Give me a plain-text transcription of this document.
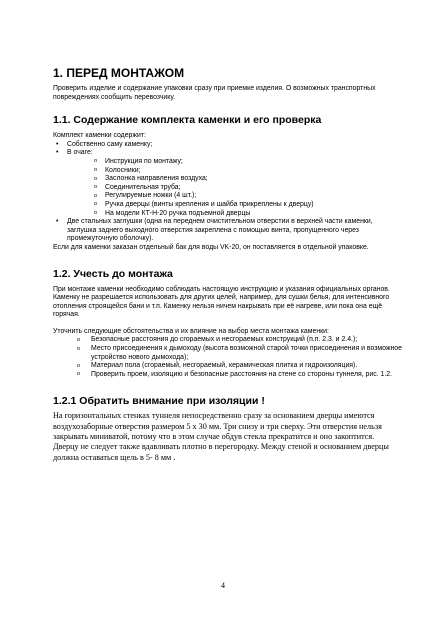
1. ПЕРЕД МОНТАЖОМ

Проверить изделие и содержание упаковки сразу при приемке изделия. О возможных транспортных повреждениях сообщить перевозчику.

1.1. Содержание комплекта каменки и его проверка

Комплект каменки содержит:

• Собственно саму каменку;
• В очаге:
o Инструкция по монтажу;
o Колосники;
o Заслонка направления воздуха;
o Соединительная труба;
o Регулируемые ножки (4 шт.);
o Ручка дверцы (винты крепления и шайба прикреплены к дверцу)
o На модели КТ-Н-20 ручка подъемной дверцы
• Две стальных заглушки (одна на переднем очистительном отверстии в верхней части каменки, заглушка заднего выходного отверстия закреплена с помощью винта, пропущенного через промежуточную оболочку).

Если для каменки заказан отдельный бак для воды VK-20, он поставляется в отдельной упаковке.

1.2. Учесть до монтажа

При монтаже каменки необходимо соблюдать настоящую инструкцию и указания официальных органов. Каменку не разрешается использовать для других целей, например, для сушки белья, для интенсивного отопления строящейся бани и т.п. Каменку нельзя ничем накрывать при её нагреве, или пока она ещё горячая.

Уточнить следующие обстоятельства и их влияние на выбор места монтажа каменки:

o Безопасные расстояния до сгораемых и несгораемых конструкций (п.п. 2.3. и 2.4.);
o Место присоединения к дымоходу (высота возможной старой точки присоединения и возможное устройство нового дымохода);
o Материал пола (сгораемый, несгораемый, керамическая плитка и гидроизоляция).
o Проверить проем, изоляцию и безопасные расстояния на стене со стороны туннеля, рис. 1.2.
1.2.1 Обратить внимание при изоляции !

На горизонтальных стенках туннеля непосредственно сразу за основанием дверцы имеются воздухозаборные отверстия размером 5 x 30 мм. Три снизу и три сверху. Эти отверстия нельзя закрывать миниватой, потому что в этом случае обдув стекла прекратится и оно закоптится.

Дверцу не следует также вдавливать плотно в перегородку. Между стеной и основанием дверцы должна оставаться щель в 5- 8 мм .

4
